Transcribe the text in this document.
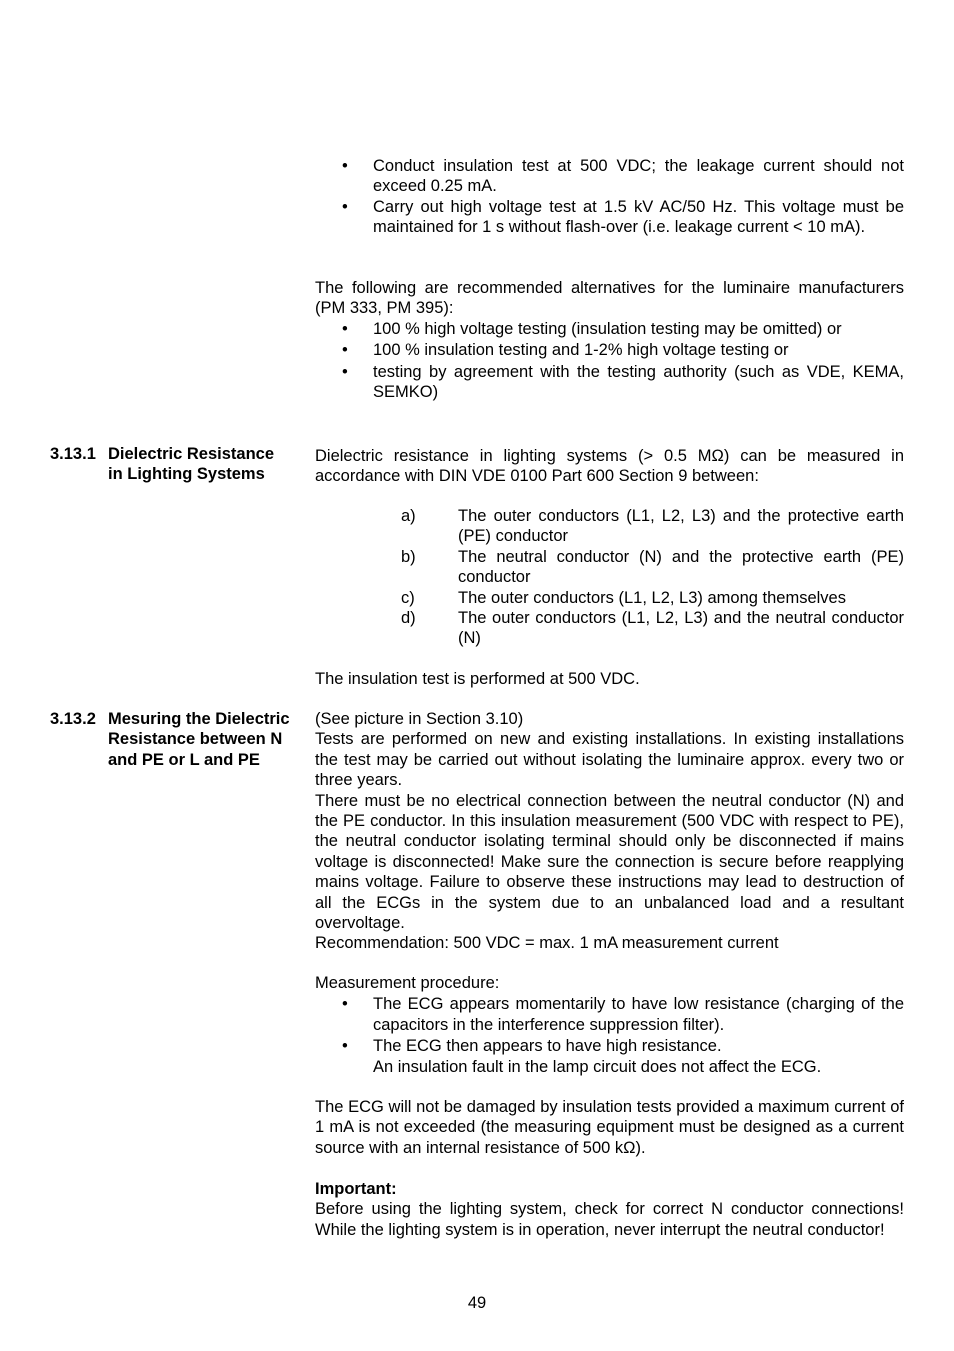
• Conduct insulation test at 500 VDC; the leakage current should not exceed 0.25 mA.

• Carry out high voltage test at 1.5 kV AC/50 Hz. This voltage must be maintained for 1 s without flash-over (i.e. leakage current < 10 mA).

The following are recommended alternatives for the luminaire manufacturers (PM 333, PM 395):

• 100 % high voltage testing (insulation testing may be omitted) or

• 100 % insulation testing and 1-2% high voltage testing or

• testing by agreement with the testing authority (such as VDE, KEMA, SEMKO)

3.13.1 Dielectric Resistance in Lighting Systems

Dielectric resistance in lighting systems (> 0.5 MΩ) can be measured in accordance with DIN VDE 0100 Part 600 Section 9 between:

a)	The outer conductors (L1, L2, L3) and the protective earth (PE) conductor

b)	The neutral conductor (N) and the protective earth (PE) conductor

c)	The outer conductors (L1, L2, L3) among themselves

d)	The outer conductors (L1, L2, L3) and the neutral conductor (N)

The insulation test is performed at 500 VDC.

3.13.2 Mesuring the Dielectric Resistance between N and PE or L and PE

(See picture in Section 3.10)

Tests are performed on new and existing installations. In existing installations the test may be carried out without isolating the luminaire approx. every two or three years.

There must be no electrical connection between the neutral conductor (N) and the PE conductor. In this insulation measurement (500 VDC with respect to PE), the neutral conductor isolating terminal should only be disconnected if mains voltage is disconnected! Make sure the connection is secure before reapplying mains voltage. Failure to observe these instructions may lead to destruction of all the ECGs in the system due to an unbalanced load and a resultant overvoltage.

Recommendation: 500 VDC = max. 1 mA measurement current

Measurement procedure:

• The ECG appears momentarily to have low resistance (charging of the capacitors in the interference suppression filter).

• The ECG then appears to have high resistance.

An insulation fault in the lamp circuit does not affect the ECG.

The ECG will not be damaged by insulation tests provided a maximum current of 1 mA is not exceeded (the measuring equipment must be designed as a current source with an internal resistance of 500 kΩ).

Important:

Before using the lighting system, check for correct N conductor connections! While the lighting system is in operation, never interrupt the neutral conductor!

49
